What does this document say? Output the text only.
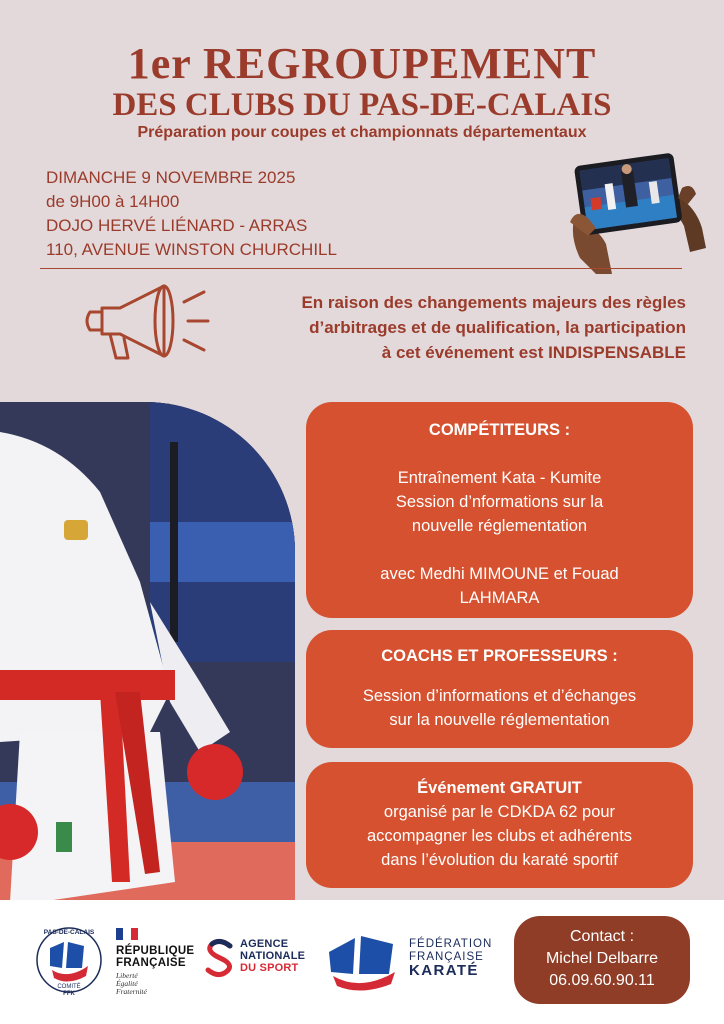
1er REGROUPEMENT
DES CLUBS DU PAS-DE-CALAIS
Préparation pour coupes et championnats départementaux
DIMANCHE 9 NOVEMBRE 2025
de 9H00 à 14H00
DOJO HERVÉ LIÉNARD - ARRAS
110, AVENUE WINSTON CHURCHILL
En raison des changements majeurs des règles
d’arbitrages et de qualification, la participation
à cet événement est INDISPENSABLE
COMPÉTITEURS :
Entraînement Kata - Kumite
Session d’nformations sur la
nouvelle réglementation
avec Medhi MIMOUNE et Fouad
LAHMARA
COACHS ET PROFESSEURS :
Session d’informations et d’échanges
sur la nouvelle réglementation
Événement GRATUIT
organisé par le CDKDA 62 pour
accompagner les clubs et adhérents
dans l’évolution du karaté sportif
PAS-DE-CALAIS
COMITÉ
FFK
RÉPUBLIQUE
FRANÇAISE
Liberté
Égalité
Fraternité
AGENCE
NATIONALE
DU SPORT
FÉDÉRATION
FRANÇAISE
KARATÉ
Contact :
Michel Delbarre
06.09.60.90.11
